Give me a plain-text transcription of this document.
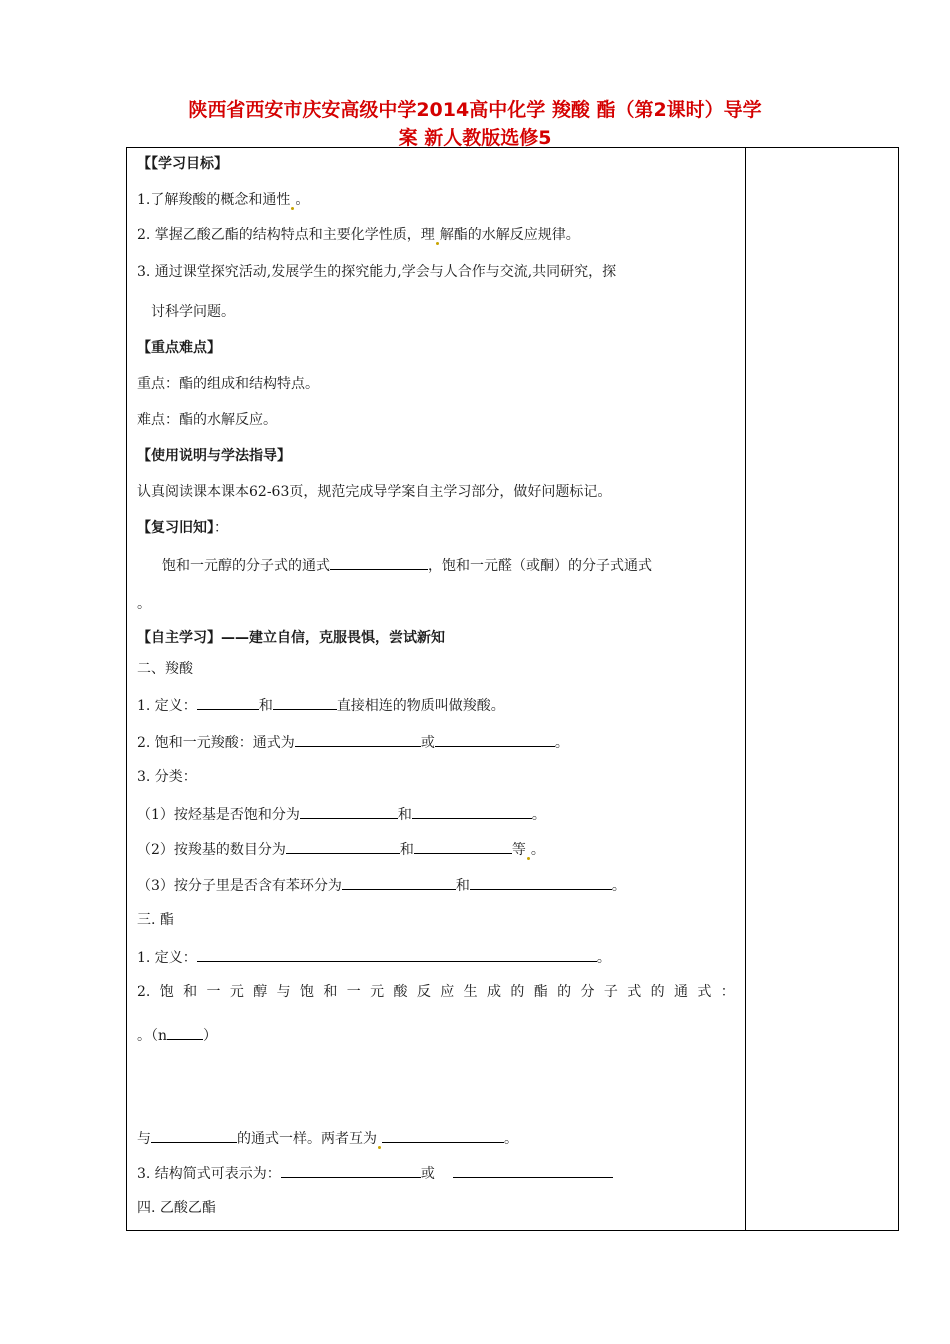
陕西省西安市庆安高级中学2014高中化学 羧酸 酯（第2课时）导学
案 新人教版选修5
【【学习目标】
1.了解羧酸的概念和通性 。
2. 掌握乙酸乙酯的结构特点和主要化学性质，理 解酯的水解反应规律。
3. 通过课堂探究活动,发展学生的探究能力,学会与人合作与交流,共同研究，探
讨科学问题。
【重点难点】
重点：酯的组成和结构特点。
难点：酯的水解反应。
【使用说明与学法指导】
认真阅读课本课本62-63页，规范完成导学案自主学习部分，做好问题标记。
【复习旧知】：
饱和一元醇的分子式的通式	，饱和一元醛（或酮）的分子式通式
。
【自主学习】——建立自信，克服畏惧，尝试新知
二、羧酸
1. 定义：	和	直接相连的物质叫做羧酸。
2. 饱和一元羧酸：通式为	或	。
3. 分类：
（1）按烃基是否饱和分为	和	。
（2）按羧基的数目分为	和	等 。
（3）按分子里是否含有苯环分为	和	。
三. 酯
1. 定义：	。
2. 饱 和 一 元 醇 与 饱 和 一 元 酸 反 应 生 成 的 酯 的 分 子 式 的 通 式 ：
。（n	）
与	的通式一样。两者互为	。
3. 结构简式可表示为：	或
四. 乙酸乙酯
